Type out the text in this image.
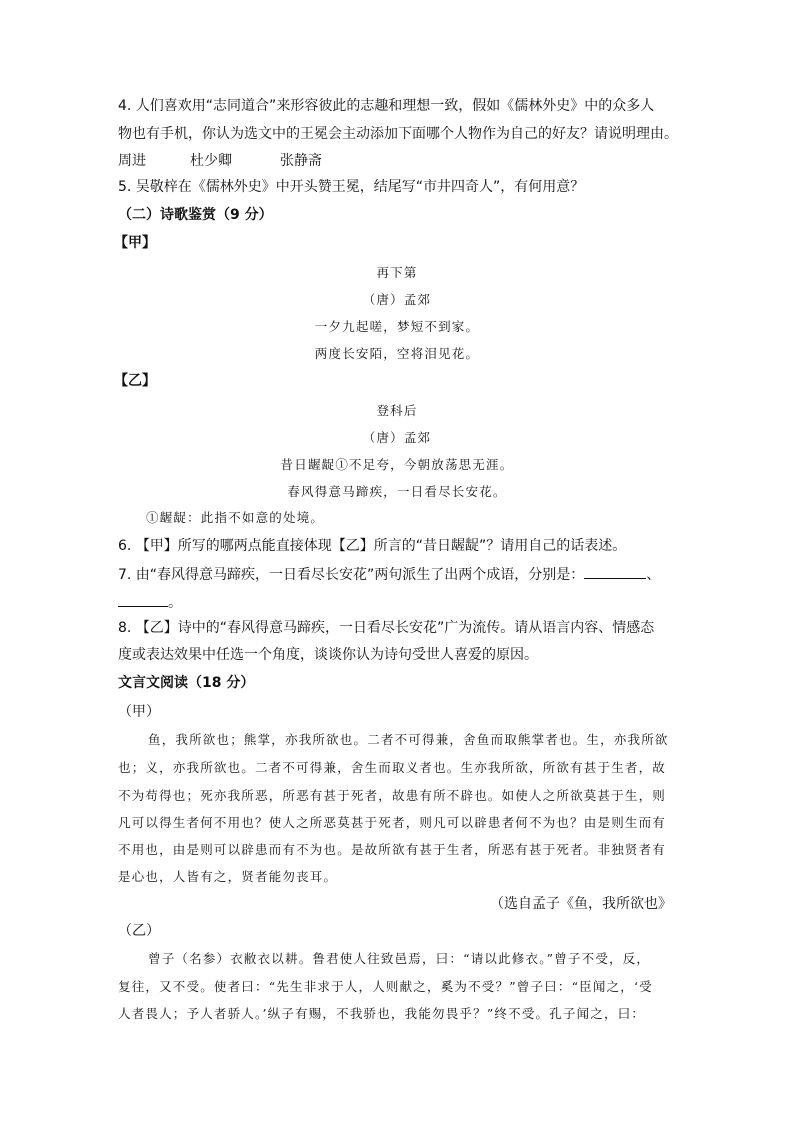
4. 人们喜欢用“志同道合”来形容彼此的志趣和理想一致，假如《儒林外史》中的众多人
物也有手机，你认为选文中的王冕会主动添加下面哪个人物作为自己的好友？请说明理由。
周进	杜少卿	张静斋
5. 吴敬梓在《儒林外史》中开头赞王冕，结尾写“市井四奇人”，有何用意？
（二）诗歌鉴赏（9 分）
【甲】
再下第
（唐）孟郊
一夕九起嗟，梦短不到家。
两度长安陌，空将泪见花。
【乙】
登科后
（唐）孟郊
昔日龌龊①不足夸，今朝放荡思无涯。
春风得意马蹄疾，一日看尽长安花。
①龌龊：此指不如意的处境。
6. 【甲】所写的哪两点能直接体现【乙】所言的“昔日龌龊”？请用自己的话表述。
7. 由“春风得意马蹄疾，一日看尽长安花”两句派生了出两个成语，分别是：	、
。
8. 【乙】诗中的“春风得意马蹄疾，一日看尽长安花”广为流传。请从语言内容、情感态
度或表达效果中任选一个角度，谈谈你认为诗句受世人喜爱的原因。
文言文阅读（18 分）
（甲）
鱼，我所欲也；熊掌，亦我所欲也。二者不可得兼，舍鱼而取熊掌者也。生，亦我所欲
也；义，亦我所欲也。二者不可得兼，舍生而取义者也。生亦我所欲，所欲有甚于生者，故
不为苟得也；死亦我所恶，所恶有甚于死者，故患有所不辟也。如使人之所欲莫甚于生，则
凡可以得生者何不用也？使人之所恶莫甚于死者，则凡可以辟患者何不为也？由是则生而有
不用也，由是则可以辟患而有不为也。是故所欲有甚于生者，所恶有甚于死者。非独贤者有
是心也，人皆有之，贤者能勿丧耳。
（选自孟子《鱼，我所欲也》
（乙）
曾子（名参）衣敝衣以耕。鲁君使人往致邑焉，曰：“请以此修衣。”曾子不受，反，
复往，又不受。使者曰：“先生非求于人，人则献之，奚为不受？”曾子曰：“臣闻之，‘受
人者畏人；予人者骄人。’纵子有赐，不我骄也，我能勿畏乎？”终不受。孔子闻之，曰：
